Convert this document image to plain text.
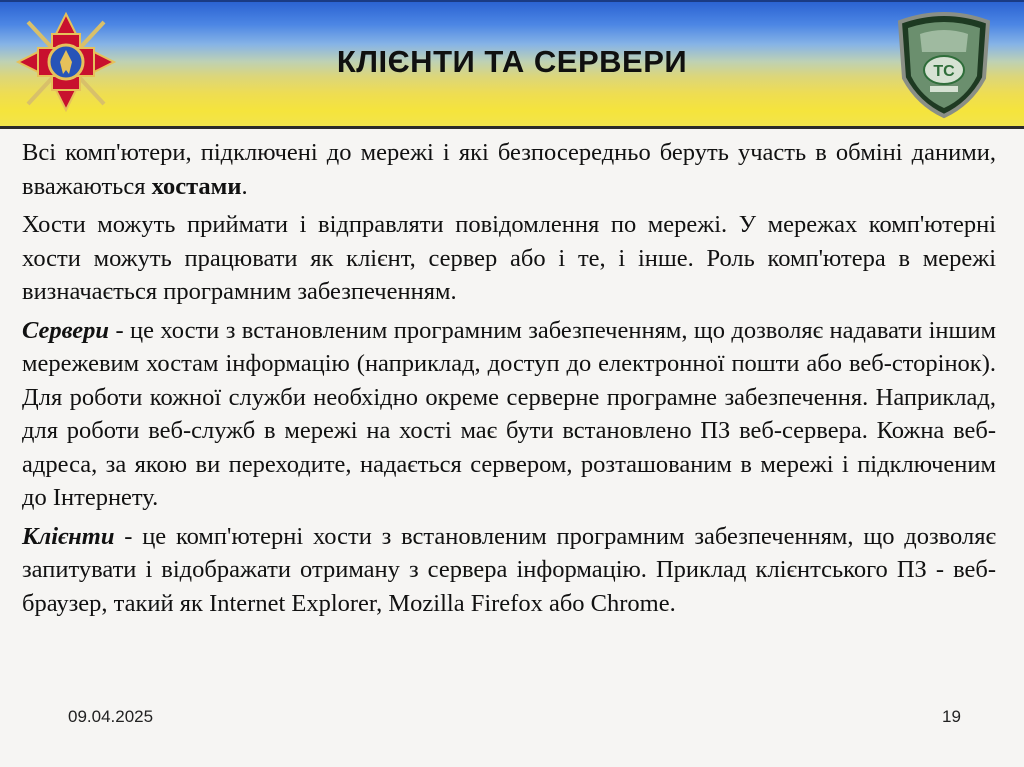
КЛІЄНТИ ТА СЕРВЕРИ	ТС

Всі комп'ютери, підключені до мережі і які безпосередньо беруть участь в обміні даними, вважаються хостами.

Хости можуть приймати і відправляти повідомлення по мережі. У мережах комп'ютерні хости можуть працювати як клієнт, сервер або і те, і інше. Роль комп'ютера в мережі визначається програмним забезпеченням.

Сервери - це хости з встановленим програмним забезпеченням, що дозволяє надавати іншим мережевим хостам інформацію (наприклад, доступ до електронної пошти або веб-сторінок). Для роботи кожної служби необхідно окреме серверне програмне забезпечення. Наприклад, для роботи веб-служб в мережі на хості має бути встановлено ПЗ веб-сервера. Кожна веб-адреса, за якою ви переходите, надається сервером, розташованим в мережі і підключеним до Інтернету.

Клієнти - це комп'ютерні хости з встановленим програмним забезпеченням, що дозволяє запитувати і відображати отриману з сервера інформацію. Приклад клієнтського ПЗ - веб-браузер, такий як Internet Explorer, Mozilla Firefox або Chrome.

09.04.2025	19
